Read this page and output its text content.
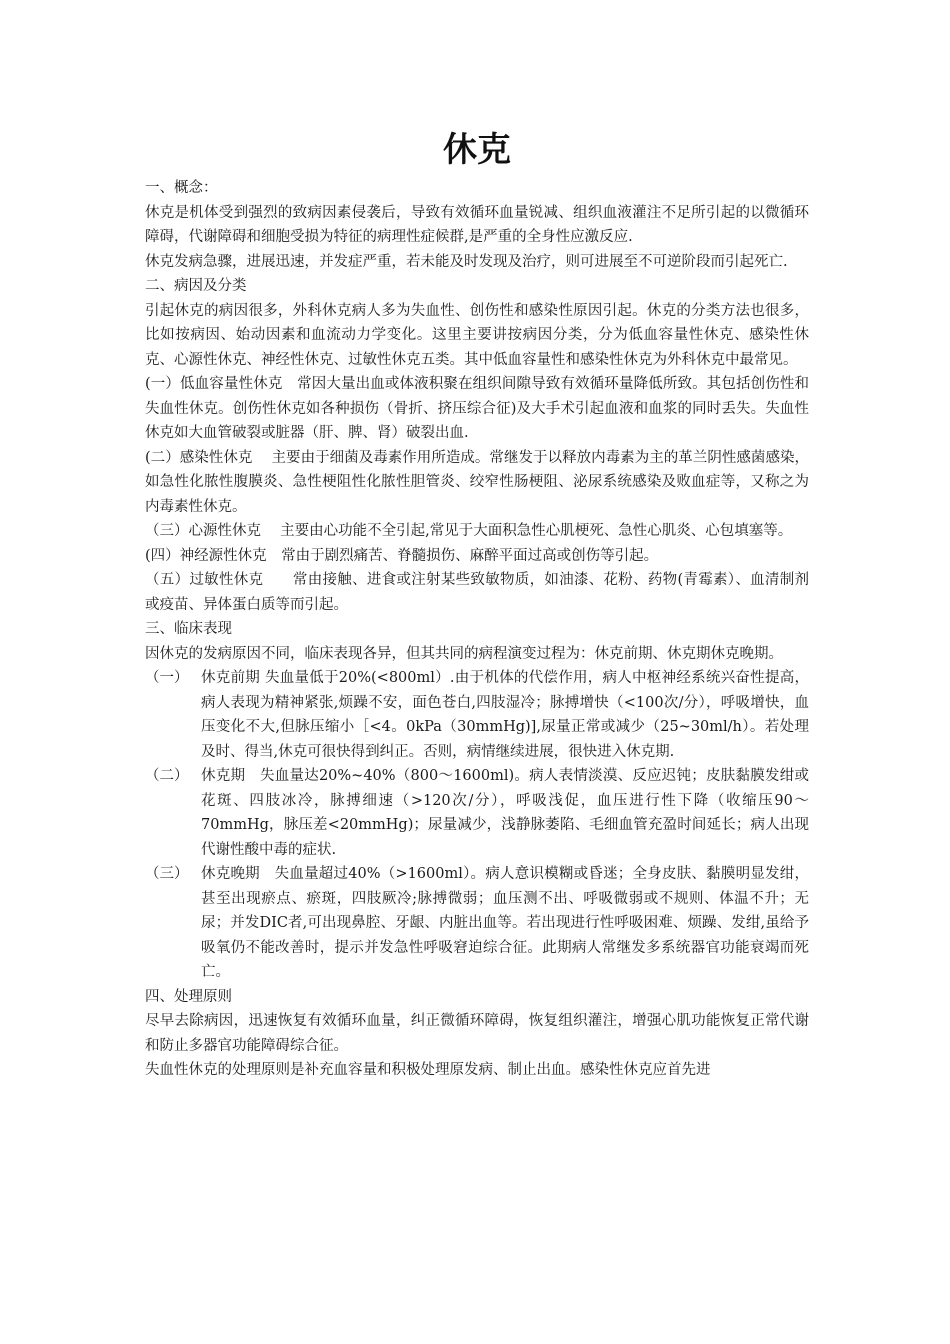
休克

一、概念：

休克是机体受到强烈的致病因素侵袭后，导致有效循环血量锐减、组织血液灌注不足所引起的以微循环障碍，代谢障碍和细胞受损为特征的病理性症候群,是严重的全身性应激反应.

休克发病急骤，进展迅速，并发症严重，若未能及时发现及治疗，则可进展至不可逆阶段而引起死亡.

二、病因及分类

引起休克的病因很多，外科休克病人多为失血性、创伤性和感染性原因引起。休克的分类方法也很多，比如按病因、始动因素和血流动力学变化。这里主要讲按病因分类，分为低血容量性休克、感染性休克、心源性休克、神经性休克、过敏性休克五类。其中低血容量性和感染性休克为外科休克中最常见。

(一）低血容量性休克　常因大量出血或体液积聚在组织间隙导致有效循环量降低所致。其包括创伤性和失血性休克。创伤性休克如各种损伤（骨折、挤压综合征)及大手术引起血液和血浆的同时丢失。失血性休克如大血管破裂或脏器（肝、脾、肾）破裂出血.

(二）感染性休克　 主要由于细菌及毒素作用所造成。常继发于以释放内毒素为主的革兰阴性感菌感染，如急性化脓性腹膜炎、急性梗阻性化脓性胆管炎、绞窄性肠梗阻、泌尿系统感染及败血症等，又称之为内毒素性休克。

（三）心源性休克　 主要由心功能不全引起,常见于大面积急性心肌梗死、急性心肌炎、心包填塞等。

(四）神经源性休克　常由于剧烈痛苦、脊髓损伤、麻醉平面过高或创伤等引起。

（五）过敏性休克　　常由接触、进食或注射某些致敏物质，如油漆、花粉、药物(青霉素）、血清制剂或疫苗、异体蛋白质等而引起。

三、临床表现

因休克的发病原因不同，临床表现各异，但其共同的病程演变过程为：休克前期、休克期休克晚期。

（一） 休克前期 失血量低于20%(<800ml）.由于机体的代偿作用，病人中枢神经系统兴奋性提高，病人表现为精神紧张,烦躁不安，面色苍白,四肢湿冷；脉搏增快（<100次/分），呼吸增快，血压变化不大,但脉压缩小［<4。0kPa（30mmHg)],尿量正常或减少（25~30ml/h）。若处理及时、得当,休克可很快得到纠正。否则，病情继续进展，很快进入休克期.
（二） 休克期　失血量达20%~40%（800～1600ml)。病人表情淡漠、反应迟钝；皮肤黏膜发绀或花斑、四肢冰冷，脉搏细速（>120次/分），呼吸浅促，血压进行性下降（收缩压90～70mmHg，脉压差<20mmHg)；尿量减少，浅静脉萎陷、毛细血管充盈时间延长；病人出现代谢性酸中毒的症状.
（三） 休克晚期　失血量超过40%（>1600ml）。病人意识模糊或昏迷；全身皮肤、黏膜明显发绀，甚至出现瘀点、瘀斑，四肢厥冷;脉搏微弱；血压测不出、呼吸微弱或不规则、体温不升；无尿；并发DIC者,可出现鼻腔、牙龈、内脏出血等。若出现进行性呼吸困难、烦躁、发绀,虽给予吸氧仍不能改善时，提示并发急性呼吸窘迫综合征。此期病人常继发多系统器官功能衰竭而死亡。

四、处理原则

尽早去除病因，迅速恢复有效循环血量，纠正微循环障碍，恢复组织灌注，增强心肌功能恢复正常代谢和防止多器官功能障碍综合征。

失血性休克的处理原则是补充血容量和积极处理原发病、制止出血。感染性休克应首先进
